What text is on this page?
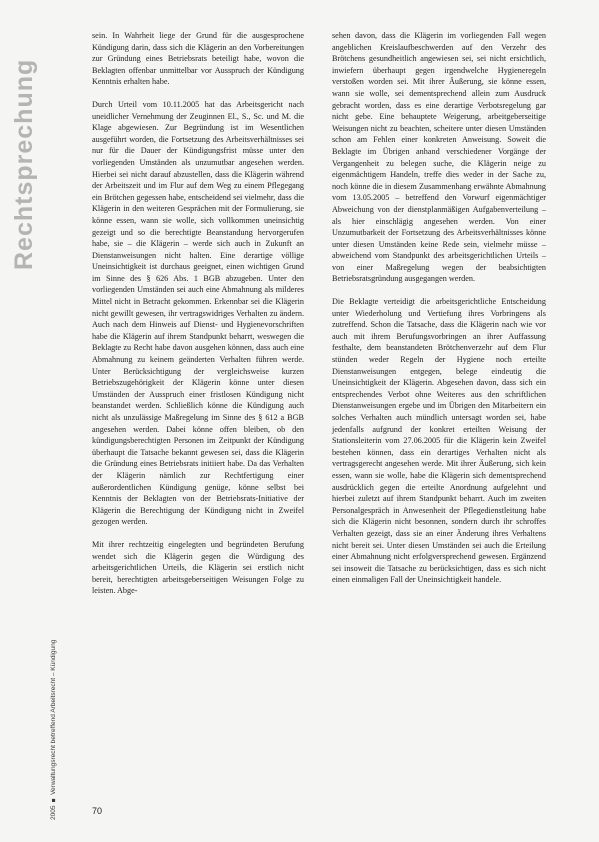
Rechtsprechung
2005 ■ Verwaltungsrecht betreffend Arbeitsrecht – Kündigung

sein. In Wahrheit liege der Grund für die ausgesprochene Kündigung darin, dass sich die Klägerin an den Vorbereitungen zur Gründung eines Betriebsrats beteiligt habe, wovon die Beklagten offenbar unmittelbar vor Ausspruch der Kündigung Kenntnis erhalten habe.

Durch Urteil vom 10.11.2005 hat das Arbeitsgericht nach uneidlicher Vernehmung der Zeuginnen El., S., Sc. und M. die Klage abgewiesen. Zur Begründung ist im Wesentlichen ausgeführt worden, die Fortsetzung des Arbeitsverhältnisses sei nur für die Dauer der Kündigungsfrist müsse unter den vorliegenden Umständen als unzumutbar angesehen werden. Hierbei sei nicht darauf abzustellen, dass die Klägerin während der Arbeitszeit und im Flur auf dem Weg zu einem Pflegegang ein Brötchen gegessen habe, entscheidend sei vielmehr, dass die Klägerin in den weiteren Gesprächen mit der Formulierung, sie könne essen, wann sie wolle, sich vollkommen uneinsichtig gezeigt und so die berechtigte Beanstandung hervorgerufen habe, sie – die Klägerin – werde sich auch in Zukunft an Dienstanweisungen nicht halten. Eine derartige völlige Uneinsichtigkeit ist durchaus geeignet, einen wichtigen Grund im Sinne des § 626 Abs. 1 BGB abzugeben. Unter den vorliegenden Umständen sei auch eine Abmahnung als milderes Mittel nicht in Betracht gekommen. Erkennbar sei die Klägerin nicht gewillt gewesen, ihr vertragswidriges Verhalten zu ändern. Auch nach dem Hinweis auf Dienst- und Hygienevorschriften habe die Klägerin auf ihrem Standpunkt beharrt, weswegen die Beklagte zu Recht habe davon ausgehen können, dass auch eine Abmahnung zu keinem geänderten Verhalten führen werde. Unter Berücksichtigung der vergleichsweise kurzen Betriebszugehörigkeit der Klägerin könne unter diesen Umständen der Ausspruch einer fristlosen Kündigung nicht beanstandet werden. Schließlich könne die Kündigung auch nicht als unzulässige Maßregelung im Sinne des § 612 a BGB angesehen werden. Dabei könne offen bleiben, ob den kündigungsberechtigten Personen im Zeitpunkt der Kündigung überhaupt die Tatsache bekannt gewesen sei, dass die Klägerin die Gründung eines Betriebsrats initiiert habe. Da das Verhalten der Klägerin nämlich zur Rechtfertigung einer außerordentlichen Kündigung genüge, könne selbst bei Kenntnis der Beklagten von der Betriebsrats-Initiative der Klägerin die Berechtigung der Kündigung nicht in Zweifel gezogen werden.

Mit ihrer rechtzeitig eingelegten und begründeten Berufung wendet sich die Klägerin gegen die Würdigung des arbeitsgerichtlichen Urteils, die Klägerin sei erstlich nicht bereit, berechtigten arbeitsgeberseitigen Weisungen Folge zu leisten. Abge-

sehen davon, dass die Klägerin im vorliegenden Fall wegen angeblichen Kreislaufbeschwerden auf den Verzehr des Brötchens gesundheitlich angewiesen sei, sei nicht ersichtlich, inwiefern überhaupt gegen irgendwelche Hygieneregeln verstoßen worden sei. Mit ihrer Äußerung, sie könne essen, wann sie wolle, sei dementsprechend allein zum Ausdruck gebracht worden, dass es eine derartige Verbotsregelung gar nicht gebe. Eine behauptete Weigerung, arbeitgeberseitige Weisungen nicht zu beachten, scheitere unter diesen Umständen schon am Fehlen einer konkreten Anweisung. Soweit die Beklagte im Übrigen anhand verschiedener Vorgänge der Vergangenheit zu belegen suche, die Klägerin neige zu eigenmächtigem Handeln, treffe dies weder in der Sache zu, noch könne die in diesem Zusammenhang erwähnte Abmahnung vom 13.05.2005 – betreffend den Vorwurf eigenmächtiger Abweichung von der dienstplanmäßigen Aufgabenverteilung – als hier einschlägig angesehen werden. Von einer Unzumutbarkeit der Fortsetzung des Arbeitsverhältnisses könne unter diesen Umständen keine Rede sein, vielmehr müsse – abweichend vom Standpunkt des arbeitsgerichtlichen Urteils – von einer Maßregelung wegen der beabsichtigten Betriebsratsgründung ausgegangen werden.

Die Beklagte verteidigt die arbeitsgerichtliche Entscheidung unter Wiederholung und Vertiefung ihres Vorbringens als zutreffend. Schon die Tatsache, dass die Klägerin nach wie vor auch mit ihrem Berufungsvorbringen an ihrer Auffassung festhalte, dem beanstandeten Brötchenverzehr auf dem Flur stünden weder Regeln der Hygiene noch erteilte Dienstanweisungen entgegen, belege eindeutig die Uneinsichtigkeit der Klägerin. Abgesehen davon, dass sich ein entsprechendes Verbot ohne Weiteres aus den schriftlichen Dienstanweisungen ergebe und im Übrigen den Mitarbeitern ein solches Verhalten auch mündlich untersagt worden sei, habe jedenfalls aufgrund der konkret erteilten Weisung der Stationsleiterin vom 27.06.2005 für die Klägerin kein Zweifel bestehen können, dass ein derartiges Verhalten nicht als vertragsgerecht angesehen werde. Mit ihrer Äußerung, sich kein essen, wann sie wolle, habe die Klägerin sich dementsprechend ausdrücklich gegen die erteilte Anordnung aufgelehnt und hierbei zuletzt auf ihrem Standpunkt beharrt. Auch im zweiten Personalgespräch in Anwesenheit der Pflegedienstleitung habe sich die Klägerin nicht besonnen, sondern durch ihr schroffes Verhalten gezeigt, dass sie an einer Änderung ihres Verhaltens nicht bereit sei. Unter diesen Umständen sei auch die Erteilung einer Abmahnung nicht erfolgversprechend gewesen. Ergänzend sei insoweit die Tatsache zu berücksichtigen, dass es sich nicht einen einmaligen Fall der Uneinsichtigkeit handele.

70
